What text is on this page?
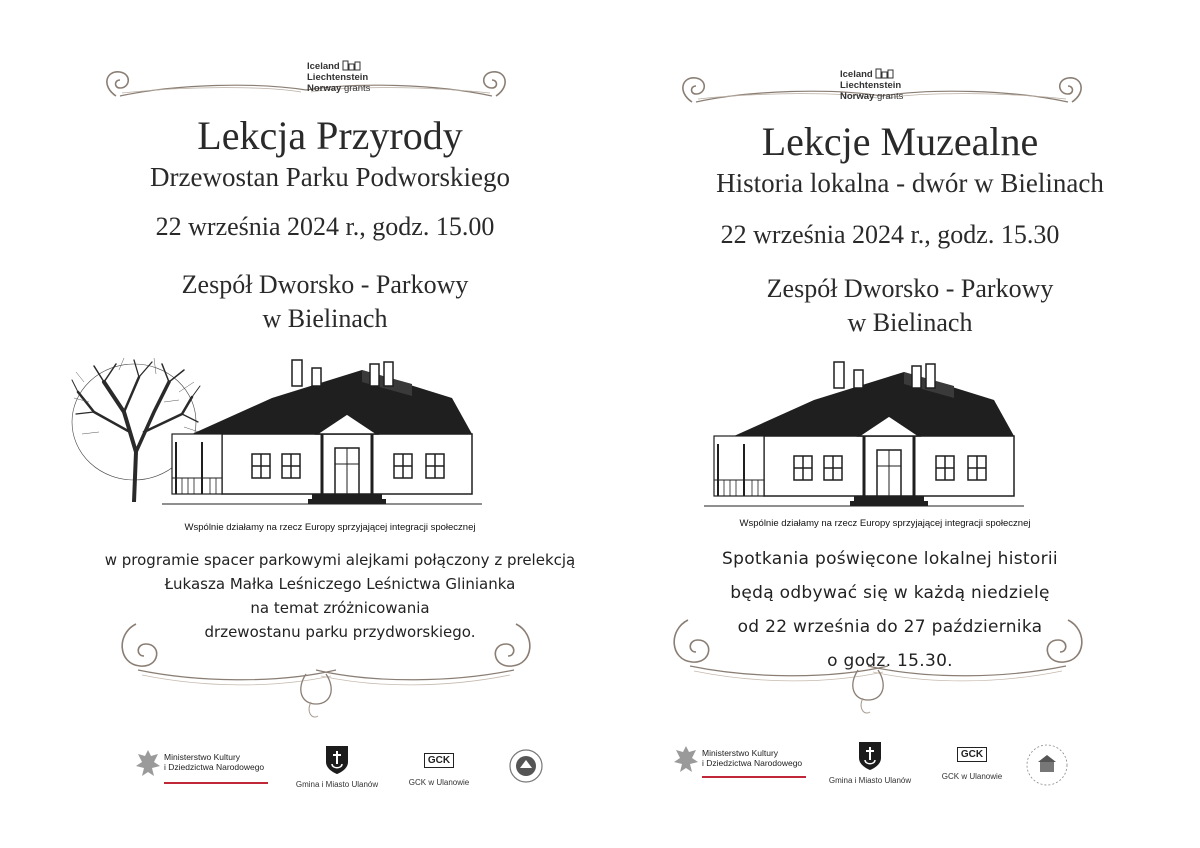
Iceland
Liechtenstein
Norway grants
Lekcja Przyrody
Drzewostan Parku Podworskiego
22 września 2024 r., godz. 15.00
Zespół Dworsko - Parkowy
w Bielinach
Wspólnie działamy na rzecz Europy sprzyjającej integracji społecznej
w programie spacer parkowymi alejkami połączony z prelekcją
Łukasza Małka Leśniczego Leśnictwa Glinianka
na temat zróżnicowania
drzewostanu parku przydworskiego.
Ministerstwo Kultury
i Dziedzictwa Narodowego
Gmina i Miasto Ulanów
GCK
GCK w Ulanowie
Iceland
Liechtenstein
Norway grants
Lekcje Muzealne
Historia lokalna - dwór w Bielinach
22 września 2024 r., godz. 15.30
Zespół Dworsko - Parkowy
w Bielinach
Wspólnie działamy na rzecz Europy sprzyjającej integracji społecznej
Spotkania poświęcone lokalnej historii
będą odbywać się w każdą niedzielę
od 22 września do 27 października
o godz. 15.30.
Ministerstwo Kultury
i Dziedzictwa Narodowego
Gmina i Miasto Ulanów
GCK
GCK w Ulanowie
